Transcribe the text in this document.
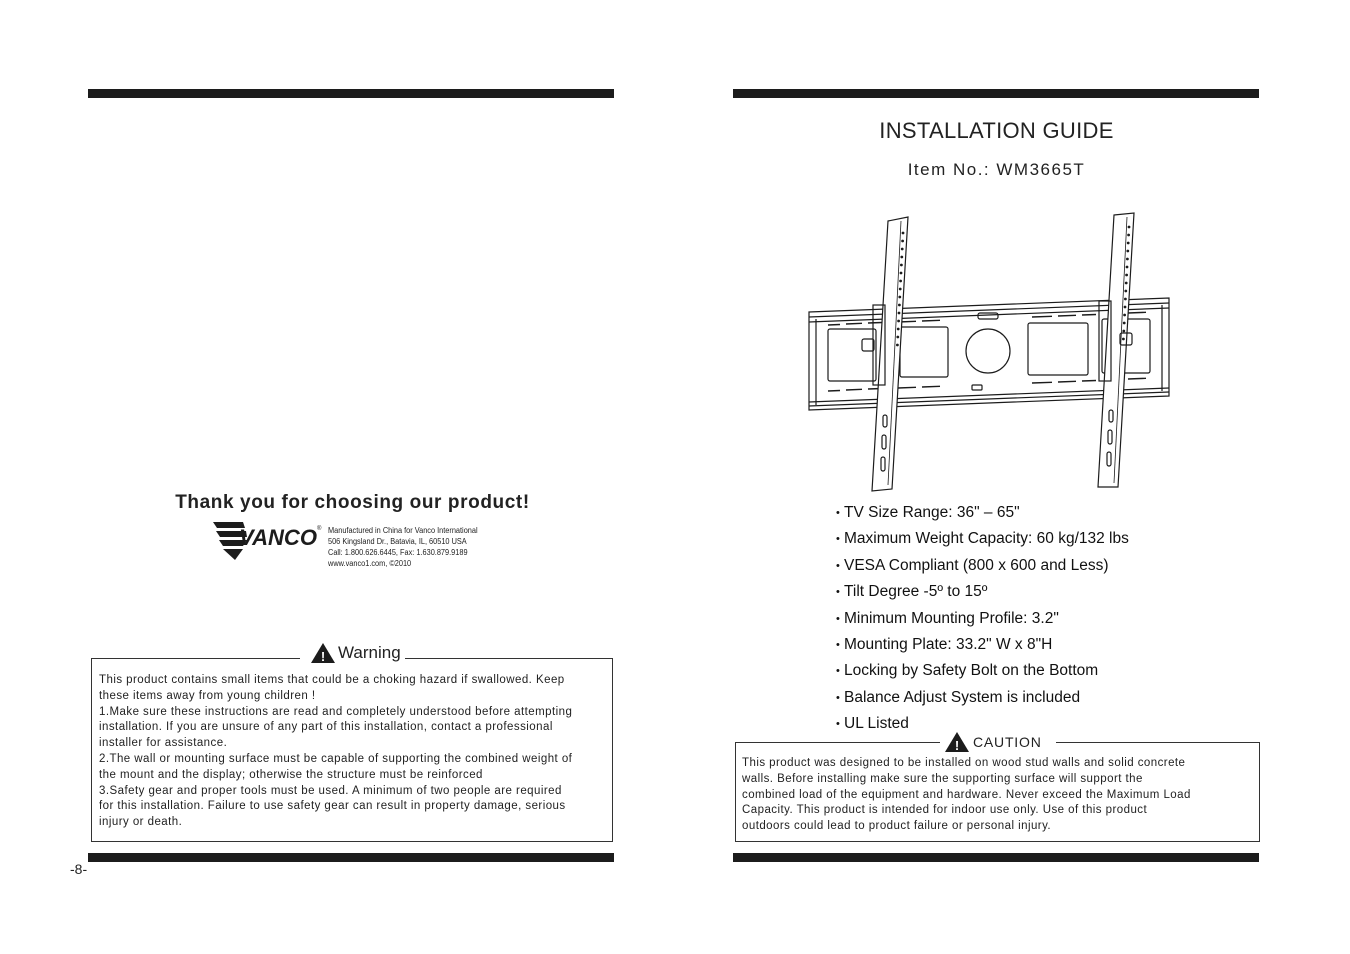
Thank you for choosing our product!
VANCO ® Manufactured in China for Vanco International
506 Kingsland Dr., Batavia, IL, 60510 USA
Call: 1.800.626.6445, Fax: 1.630.879.9189
www.vanco1.com, ©2010
! Warning
This product contains small items that could be a choking hazard if swallowed. Keep
these items away from young children !
1.Make sure these instructions are read and completely understood before attempting
installation. If you are unsure of any part of this installation, contact a professional
installer for assistance.
2.The wall or mounting surface must be capable of supporting the combined weight of
the mount and the display; otherwise the structure must be reinforced
3.Safety gear and proper tools must be used. A minimum of two people are required
for this installation. Failure to use safety gear can result in property damage, serious
injury or death.
-8-
INSTALLATION GUIDE
Item No.: WM3665T
• TV Size Range: 36" – 65"
• Maximum Weight Capacity: 60 kg/132 lbs
• VESA Compliant (800 x 600 and Less)
• Tilt Degree -5º to 15º
• Minimum Mounting Profile: 3.2"
• Mounting Plate: 33.2" W x 8"H
• Locking by Safety Bolt on the Bottom
• Balance Adjust System is included
• UL Listed
! CAUTION
This product was designed to be installed on wood stud walls and solid concrete
walls. Before installing make sure the supporting surface will support the
combined load of the equipment and hardware. Never exceed the Maximum Load
Capacity. This product is intended for indoor use only. Use of this product
outdoors could lead to product failure or personal injury.
